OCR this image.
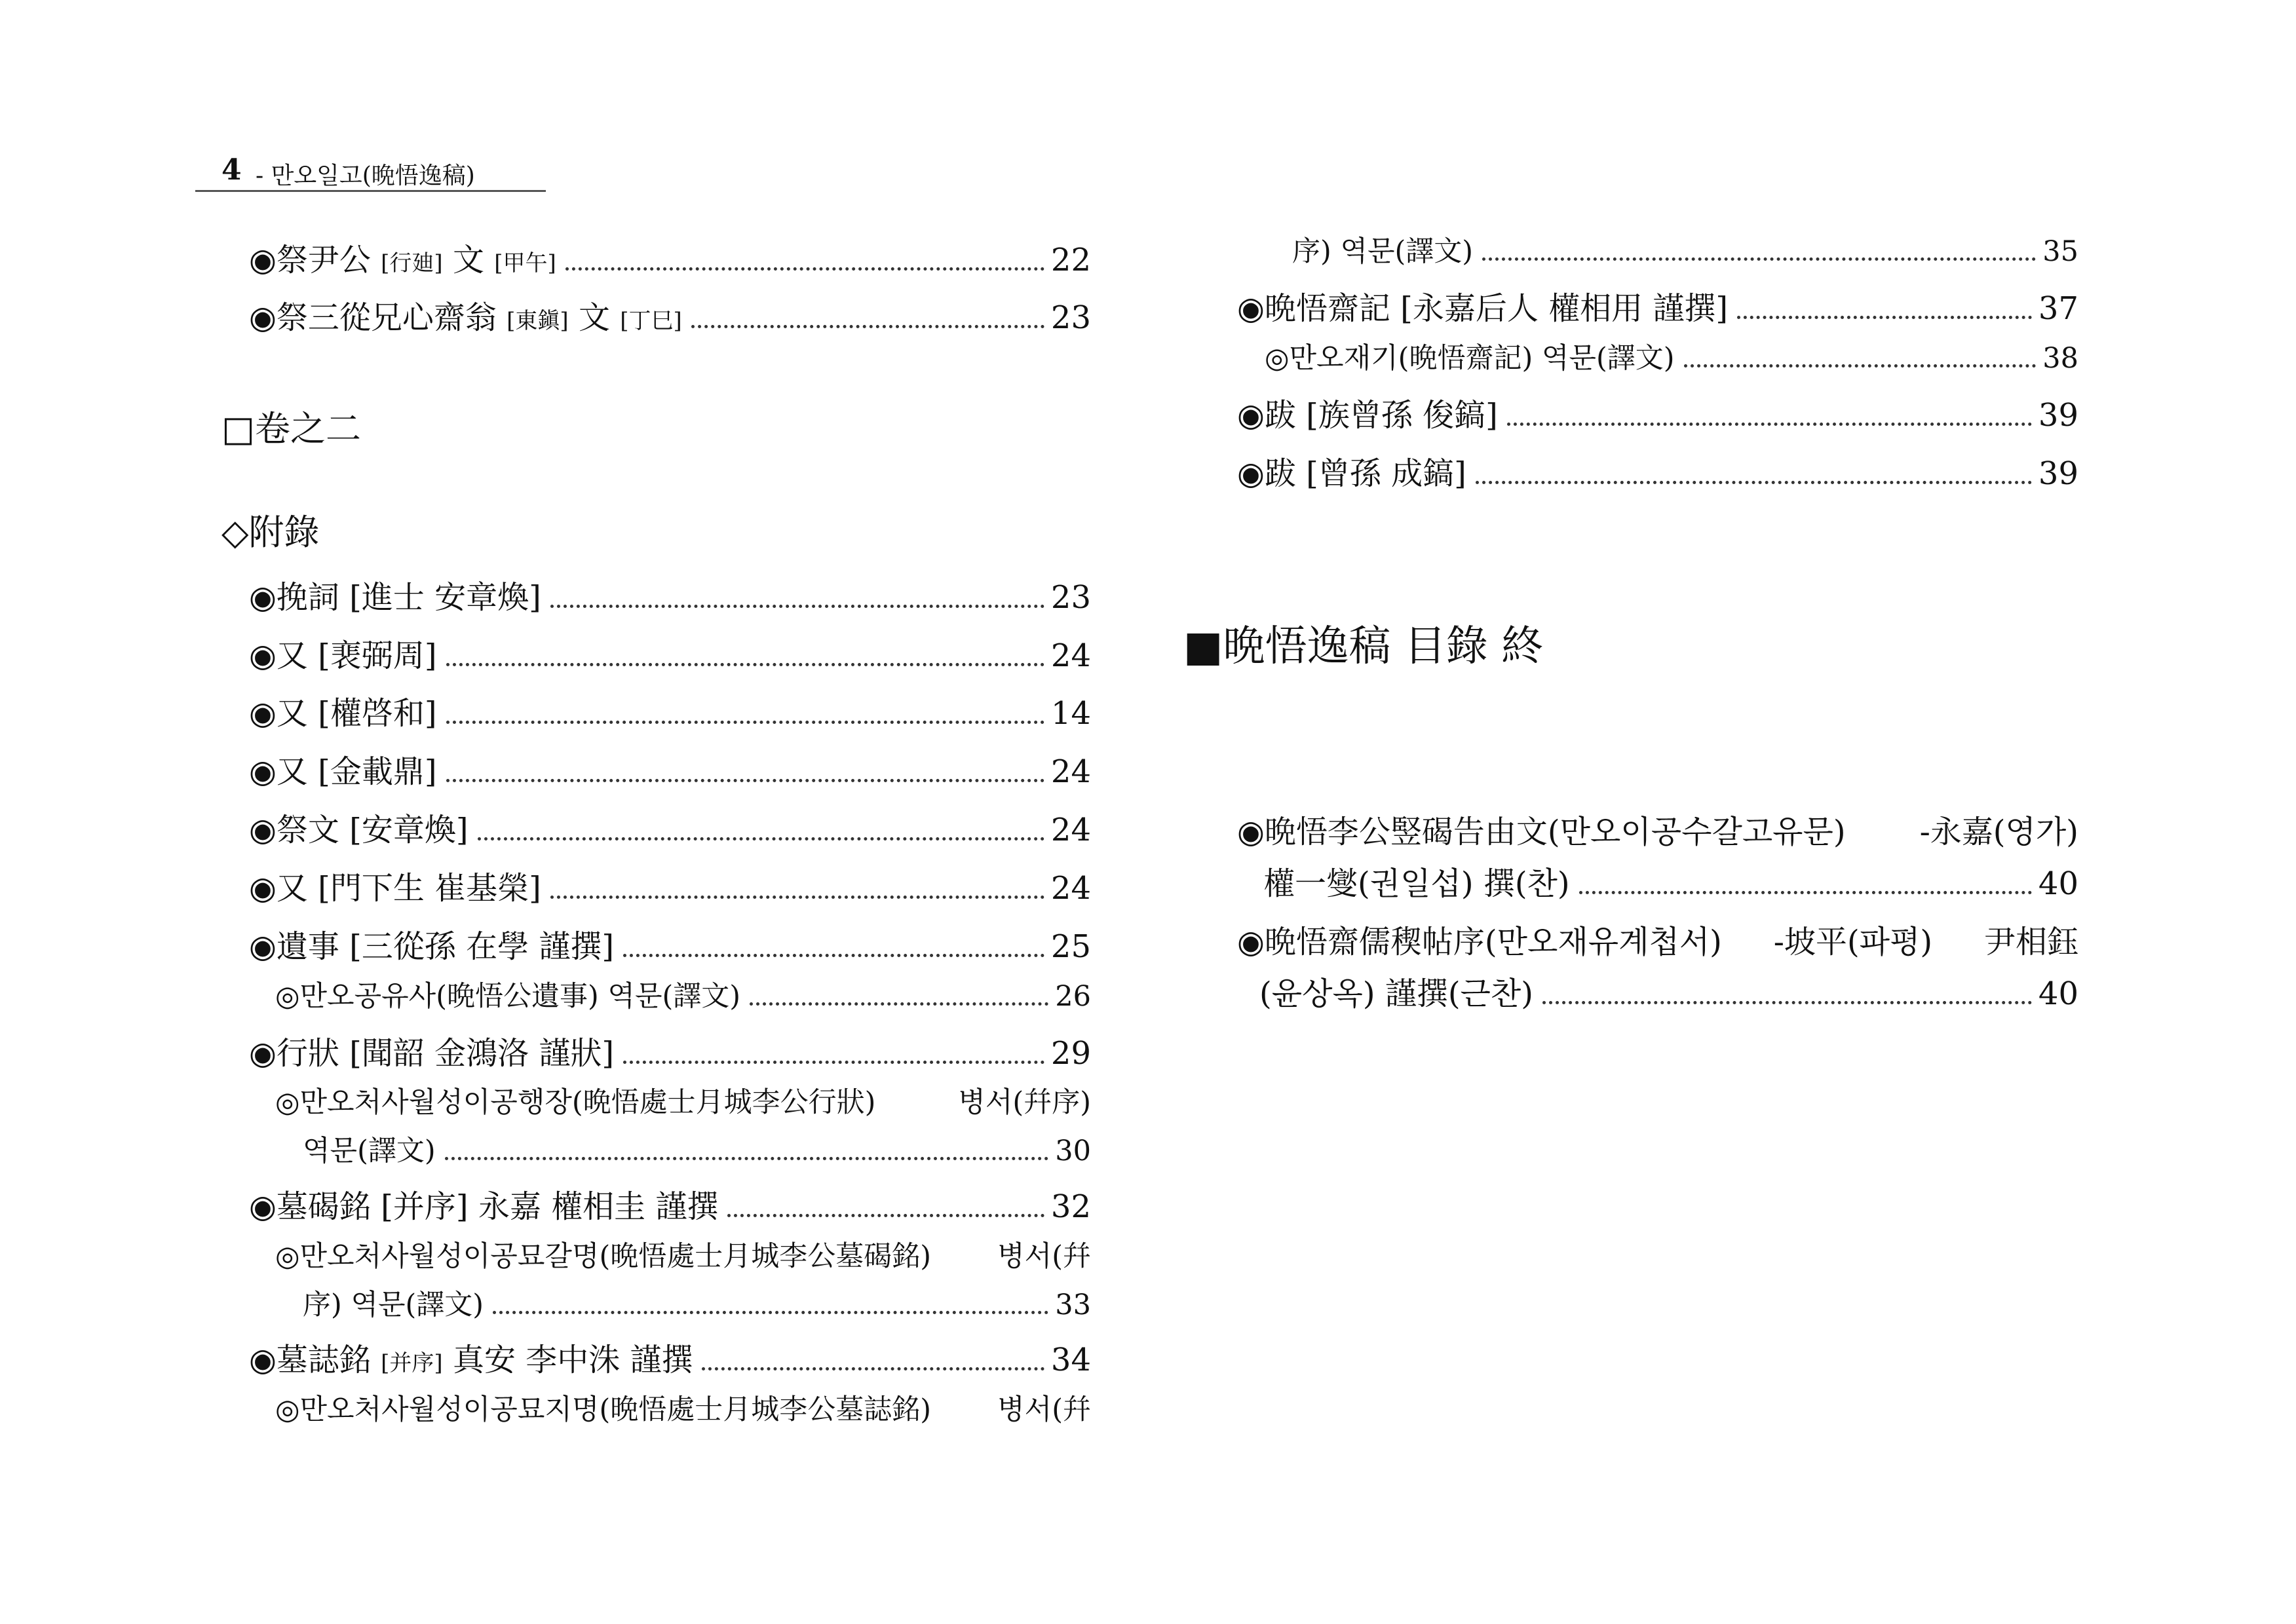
4 - 만오일고(晩悟逸稿)
◉祭尹公 [行廸] 文 [甲午]	22
◉祭三從兄心齋翁 [東鎭] 文 [丁巳]	23
□卷之二
◇附錄
◉挽詞 [進士 安章煥]	23
◉又 [裵弼周]	24
◉又 [權啓和]	14
◉又 [金載鼎]	24
◉祭文 [安章煥]	24
◉又 [門下生 崔基榮]	24
◉遺事 [三從孫 在學 謹撰]	25
◎만오공유사(晩悟公遺事) 역문(譯文)	26
◉行狀 [聞韶 金鴻洛 謹狀]	29
◎만오처사월성이공행장(晩悟處士月城李公行狀)	병서(幷序)
역문(譯文)	30
◉墓碣銘 [并序] 永嘉 權相圭 謹撰	32
◎만오처사월성이공묘갈명(晩悟處士月城李公墓碣銘) 병서(幷
序) 역문(譯文)	33
◉墓誌銘 [并序] 真安 李中洙 謹撰	34
◎만오처사월성이공묘지명(晩悟處士月城李公墓誌銘) 병서(幷
序) 역문(譯文)	35
◉晩悟齋記 [永嘉后人 權相用 謹撰]	37
◎만오재기(晩悟齋記) 역문(譯文)	38
◉跋 [族曾孫 俊鎬]	39
◉跋 [曾孫 成鎬]	39
■晩悟逸稿 目錄 終
◉晩悟李公竪碣告由文(만오이공수갈고유문) -永嘉(영가)
權一燮(권일섭) 撰(찬)	40
◉晩悟齋儒稧帖序(만오재유계첩서) -坡平(파평) 尹相鈺
(윤상옥) 謹撰(근찬)	40
